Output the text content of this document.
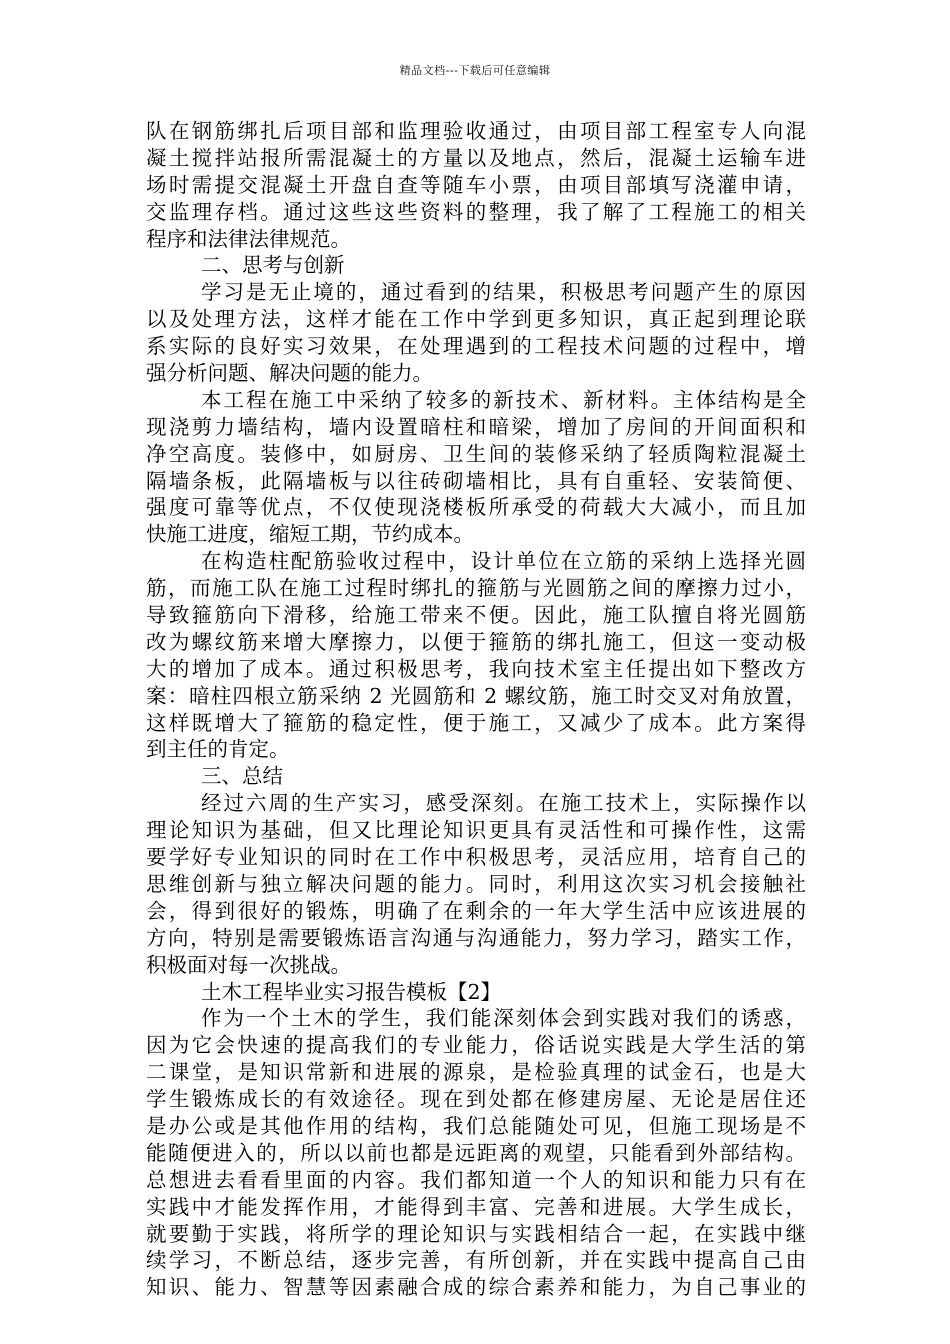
精品文档---下载后可任意编辑
队在钢筋绑扎后项目部和监理验收通过，由项目部工程室专人向混
凝土搅拌站报所需混凝土的方量以及地点，然后，混凝土运输车进
场时需提交混凝土开盘自查等随车小票，由项目部填写浇灌申请，
交监理存档。通过这些这些资料的整理，我了解了工程施工的相关
程序和法律法律规范。
二、思考与创新
学习是无止境的，通过看到的结果，积极思考问题产生的原因
以及处理方法，这样才能在工作中学到更多知识，真正起到理论联
系实际的良好实习效果，在处理遇到的工程技术问题的过程中，增
强分析问题、解决问题的能力。
本工程在施工中采纳了较多的新技术、新材料。主体结构是全
现浇剪力墙结构，墙内设置暗柱和暗梁，增加了房间的开间面积和
净空高度。装修中，如厨房、卫生间的装修采纳了轻质陶粒混凝土
隔墙条板，此隔墙板与以往砖砌墙相比，具有自重轻、安装简便、
强度可靠等优点，不仅使现浇楼板所承受的荷载大大减小，而且加
快施工进度，缩短工期，节约成本。
在构造柱配筋验收过程中，设计单位在立筋的采纳上选择光圆
筋，而施工队在施工过程时绑扎的箍筋与光圆筋之间的摩擦力过小，
导致箍筋向下滑移，给施工带来不便。因此，施工队擅自将光圆筋
改为螺纹筋来增大摩擦力，以便于箍筋的绑扎施工，但这一变动极
大的增加了成本。通过积极思考，我向技术室主任提出如下整改方
案：暗柱四根立筋采纳 2 光圆筋和 2 螺纹筋，施工时交叉对角放置，
这样既增大了箍筋的稳定性，便于施工，又减少了成本。此方案得
到主任的肯定。
三、总结
经过六周的生产实习，感受深刻。在施工技术上，实际操作以
理论知识为基础，但又比理论知识更具有灵活性和可操作性，这需
要学好专业知识的同时在工作中积极思考，灵活应用，培育自己的
思维创新与独立解决问题的能力。同时，利用这次实习机会接触社
会，得到很好的锻炼，明确了在剩余的一年大学生活中应该进展的
方向，特别是需要锻炼语言沟通与沟通能力，努力学习，踏实工作，
积极面对每一次挑战。
土木工程毕业实习报告模板【2】
作为一个土木的学生，我们能深刻体会到实践对我们的诱惑，
因为它会快速的提高我们的专业能力，俗话说实践是大学生活的第
二课堂，是知识常新和进展的源泉，是检验真理的试金石，也是大
学生锻炼成长的有效途径。现在到处都在修建房屋、无论是居住还
是办公或是其他作用的结构，我们总能随处可见，但施工现场是不
能随便进入的，所以以前也都是远距离的观望，只能看到外部结构。
总想进去看看里面的内容。我们都知道一个人的知识和能力只有在
实践中才能发挥作用，才能得到丰富、完善和进展。大学生成长，
就要勤于实践，将所学的理论知识与实践相结合一起，在实践中继
续学习，不断总结，逐步完善，有所创新，并在实践中提高自己由
知识、能力、智慧等因素融合成的综合素养和能力，为自己事业的
